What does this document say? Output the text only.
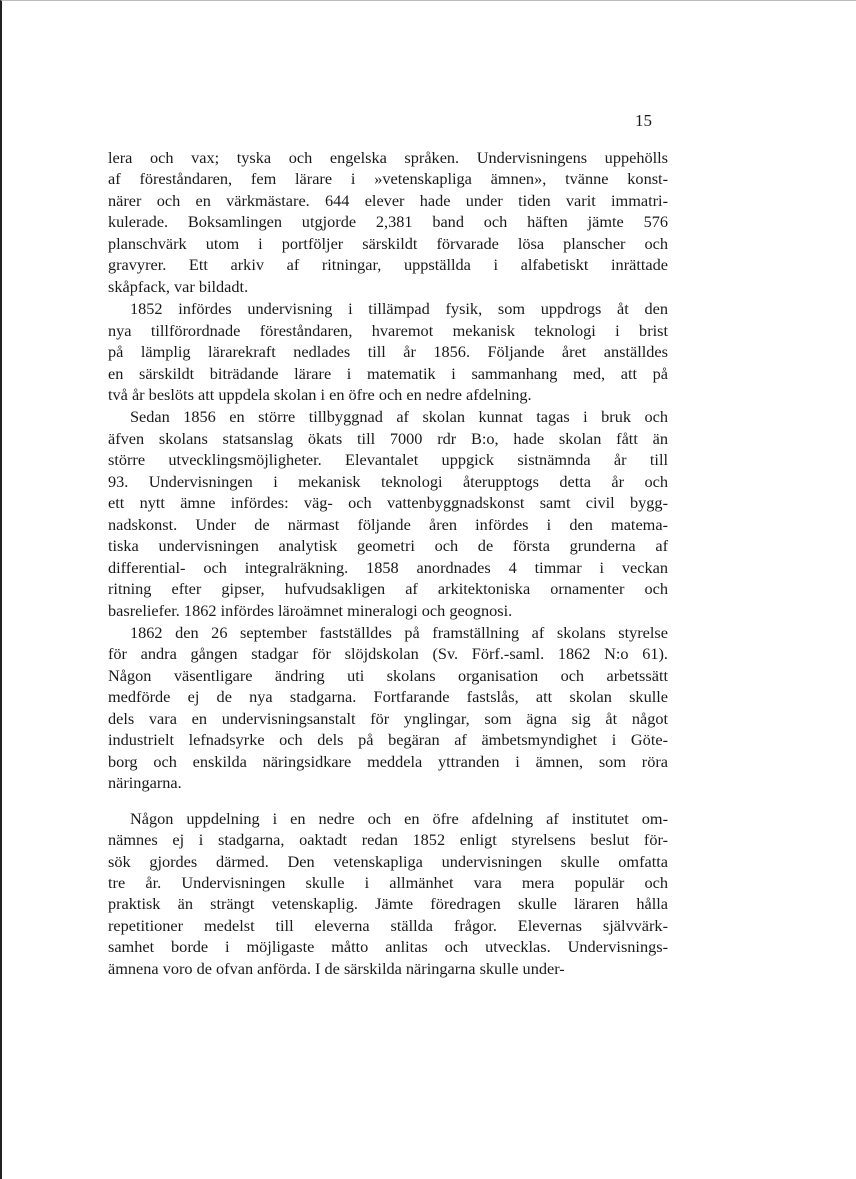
15

lera och vax; tyska och engelska språken. Undervisningens uppehölls
af föreståndaren, fem lärare i »vetenskapliga ämnen», tvänne konst-
närer och en värkmästare. 644 elever hade under tiden varit immatri-
kulerade. Boksamlingen utgjorde 2,381 band och häften jämte 576
planschvärk utom i portföljer särskildt förvarade lösa planscher och
gravyrer. Ett arkiv af ritningar, uppställda i alfabetiskt inrättade
skåpfack, var bildadt.

1852 infördes undervisning i tillämpad fysik, som uppdrogs åt den
nya tillförordnade föreståndaren, hvaremot mekanisk teknologi i brist
på lämplig lärarekraft nedlades till år 1856. Följande året anställdes
en särskildt biträdande lärare i matematik i sammanhang med, att på
två år beslöts att uppdela skolan i en öfre och en nedre afdelning.

Sedan 1856 en större tillbyggnad af skolan kunnat tagas i bruk och
äfven skolans statsanslag ökats till 7000 rdr B:o, hade skolan fått än
större utvecklingsmöjligheter. Elevantalet uppgick sistnämnda år till
93. Undervisningen i mekanisk teknologi återupptogs detta år och
ett nytt ämne infördes: väg- och vattenbyggnadskonst samt civil bygg-
nadskonst. Under de närmast följande åren infördes i den matema-
tiska undervisningen analytisk geometri och de första grunderna af
differential- och integralräkning. 1858 anordnades 4 timmar i veckan
ritning efter gipser, hufvudsakligen af arkitektoniska ornamenter och
basreliefer. 1862 infördes läroämnet mineralogi och geognosi.

1862 den 26 september fastställdes på framställning af skolans styrelse
för andra gången stadgar för slöjdskolan (Sv. Förf.-saml. 1862 N:o 61).
Någon väsentligare ändring uti skolans organisation och arbetssätt
medförde ej de nya stadgarna. Fortfarande fastslås, att skolan skulle
dels vara en undervisningsanstalt för ynglingar, som ägna sig åt något
industrielt lefnadsyrke och dels på begäran af ämbetsmyndighet i Göte-
borg och enskilda näringsidkare meddela yttranden i ämnen, som röra
näringarna.

Någon uppdelning i en nedre och en öfre afdelning af institutet om-
nämnes ej i stadgarna, oaktadt redan 1852 enligt styrelsens beslut för-
sök gjordes därmed. Den vetenskapliga undervisningen skulle omfatta
tre år. Undervisningen skulle i allmänhet vara mera populär och
praktisk än strängt vetenskaplig. Jämte föredragen skulle läraren hålla
repetitioner medelst till eleverna ställda frågor. Elevernas självvärk-
samhet borde i möjligaste måtto anlitas och utvecklas. Undervisnings-
ämnena voro de ofvan anförda. I de särskilda näringarna skulle under-
